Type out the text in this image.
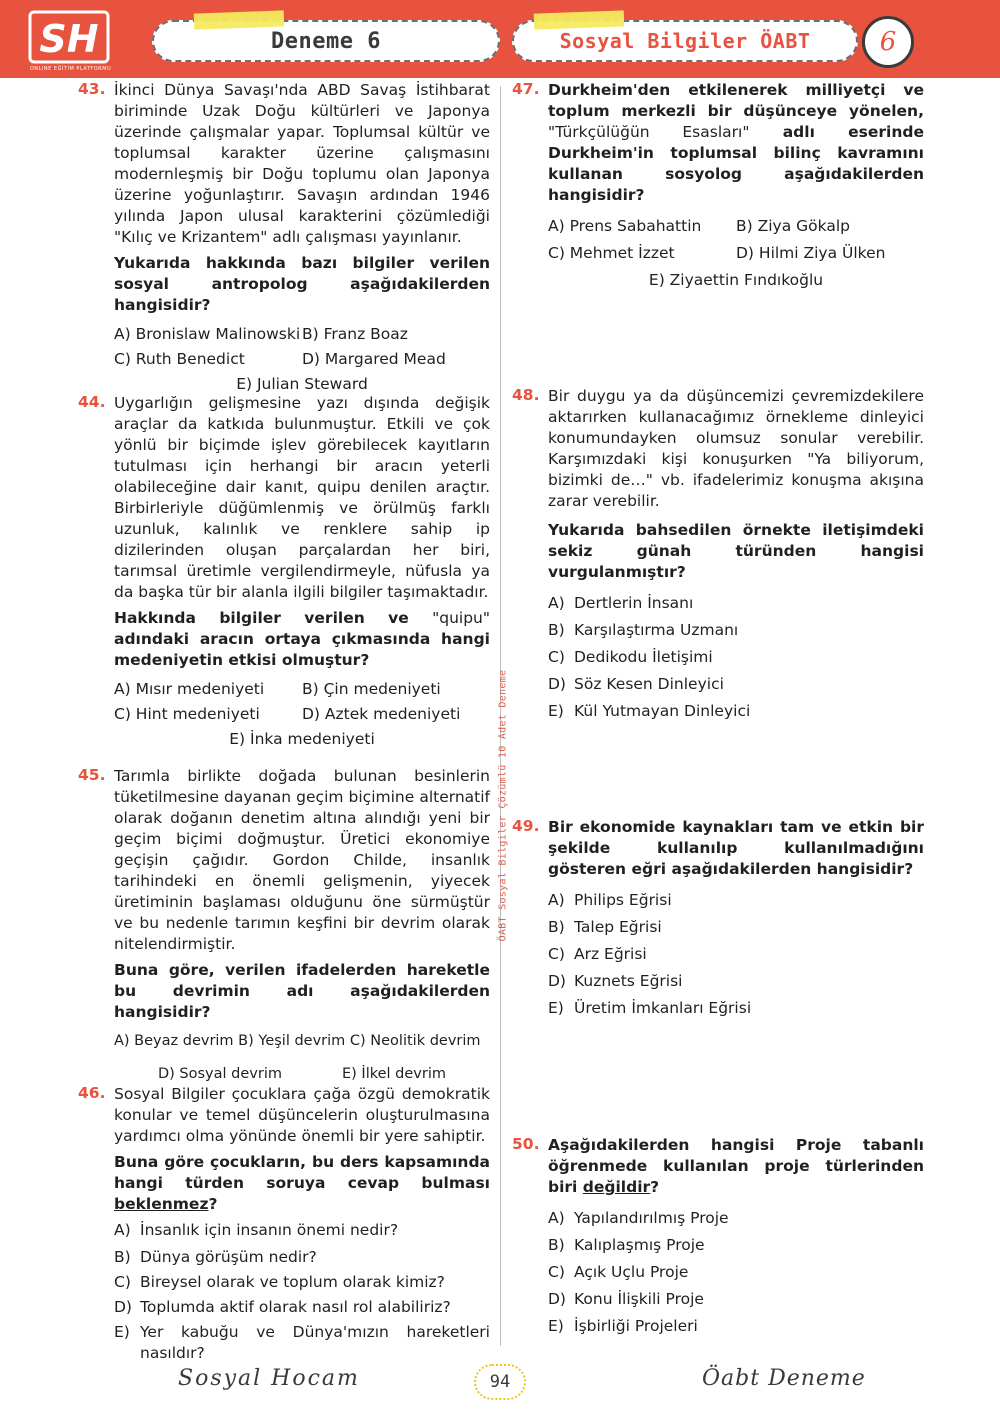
SH
ONLINE EĞİTİM PLATFORMU
Deneme 6	Sosyal Bilgiler ÖABT	6
ÖABT Sosyal Bilgiler Çözümlü 10 Adet Deneme
43. İkinci Dünya Savaşı'nda ABD Savaş İstihbarat biriminde Uzak Doğu kültürleri ve Japonya üzerinde çalışmalar yapar. Toplumsal kültür ve toplumsal karakter üzerine çalışmasını modernleşmiş bir Doğu toplumu olan Japonya üzerine yoğunlaştırır. Savaşın ardından 1946 yılında Japon ulusal karakterini çözümlediği "Kılıç ve Krizantem" adlı çalışması yayınlanır.
Yukarıda hakkında bazı bilgiler verilen sosyal antropolog aşağıdakilerden hangisidir?
A) Bronislaw Malinowski B) Franz Boaz
C) Ruth Benedict	D) Margared Mead
E) Julian Steward
44. Uygarlığın gelişmesine yazı dışında değişik araçlar da katkıda bulunmuştur. Etkili ve çok yönlü bir biçimde işlev görebilecek kayıtların tutulması için herhangi bir aracın yeterli olabileceğine dair kanıt, quipu denilen araçtır. Birbirleriyle düğümlenmiş ve örülmüş farklı uzunluk, kalınlık ve renklere sahip ip dizilerinden oluşan parçalardan her biri, tarımsal üretimle vergilendirmeyle, nüfusla ya da başka tür bir alanla ilgili bilgiler taşımaktadır.
Hakkında bilgiler verilen ve "quipu" adındaki aracın ortaya çıkmasında hangi medeniyetin etkisi olmuştur?
A) Mısır medeniyeti	B) Çin medeniyeti
C) Hint medeniyeti	D) Aztek medeniyeti
E) İnka medeniyeti
45. Tarımla birlikte doğada bulunan besinlerin tüketilmesine dayanan geçim biçimine alternatif olarak doğanın denetim altına alındığı yeni bir geçim biçimi doğmuştur. Üretici ekonomiye geçişin çağıdır. Gordon Childe, insanlık tarihindeki en önemli gelişmenin, yiyecek üretiminin başlaması olduğunu öne sürmüştür ve bu nedenle tarımın keşfini bir devrim olarak nitelendirmiştir.
Buna göre, verilen ifadelerden hareketle bu devrimin adı aşağıdakilerden hangisidir?
A) Beyaz devrim B) Yeşil devrim C) Neolitik devrim
D) Sosyal devrim	E) İlkel devrim
46. Sosyal Bilgiler çocuklara çağa özgü demokratik konular ve temel düşüncelerin oluşturulmasına yardımcı olma yönünde önemli bir yere sahiptir.
Buna göre çocukların, bu ders kapsamında hangi türden soruya cevap bulması beklenmez?
A) İnsanlık için insanın önemi nedir?
B) Dünya görüşüm nedir?
C) Bireysel olarak ve toplum olarak kimiz?
D) Toplumda aktif olarak nasıl rol alabiliriz?
E) Yer kabuğu ve Dünya'mızın hareketleri nasıldır?
47. Durkheim'den etkilenerek milliyetçi ve toplum merkezli bir düşünceye yönelen, "Türkçülüğün Esasları" adlı eserinde Durkheim'in toplumsal bilinç kavramını kullanan sosyolog aşağıdakilerden hangisidir?
A) Prens Sabahattin	B) Ziya Gökalp
C) Mehmet İzzet	D) Hilmi Ziya Ülken
E) Ziyaettin Fındıkoğlu
48. Bir duygu ya da düşüncemizi çevremizdekilere aktarırken kullanacağımız örnekleme dinleyici konumundayken olumsuz sonular verebilir. Karşımızdaki kişi konuşurken "Ya biliyorum, bizimki de…" vb. ifadelerimiz konuşma akışına zarar verebilir.
Yukarıda bahsedilen örnekte iletişimdeki sekiz günah türünden hangisi vurgulanmıştır?
A) Dertlerin İnsanı
B) Karşılaştırma Uzmanı
C) Dedikodu İletişimi
D) Söz Kesen Dinleyici
E) Kül Yutmayan Dinleyici
49. Bir ekonomide kaynakları tam ve etkin bir şekilde kullanılıp kullanılmadığını gösteren eğri aşağıdakilerden hangisidir?
A) Philips Eğrisi
B) Talep Eğrisi
C) Arz Eğrisi
D) Kuznets Eğrisi
E) Üretim İmkanları Eğrisi
50. Aşağıdakilerden hangisi Proje tabanlı öğrenmede kullanılan proje türlerinden biri değildir?
A) Yapılandırılmış Proje
B) Kalıplaşmış Proje
C) Açık Uçlu Proje
D) Konu İlişkili Proje
E) İşbirliği Projeleri
Sosyal Hocam	94	Öabt Deneme
